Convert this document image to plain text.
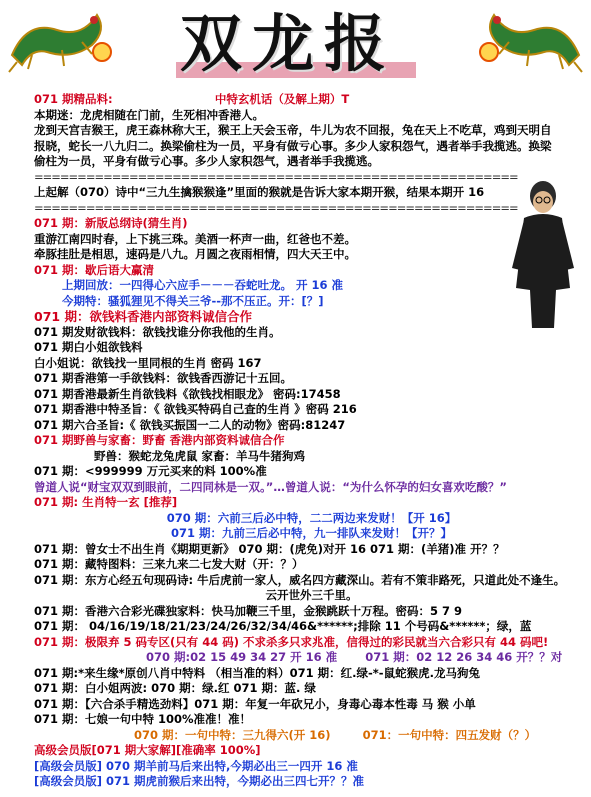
双龙报
071 期精品料:	中特玄机话（及解上期）T
本期迷：龙虎相随在门前，生死相冲香港人。
龙到天宫吉猴王，虎王森林称大王，猴王上天会玉帝，牛儿为农不回报，兔在天上不吃草，鸡到天明自
报晓，蛇长一八九归二。换梁偷柱为一员，平身有做亏心事。多少人家积怨气，遇者举手我揽逃。换梁
偷柱为一员，平身有做亏心事。多少人家积怨气，遇者举手我揽逃。
========================================================
上起解（070）诗中“三九生擒猴猴逢”里面的猴就是告诉大家本期开猴，结果本期开 16
========================================================
071 期：新版总纲诗(猜生肖)
重游江南四时春，上下挑三珠。美酒一杯声一曲，红爸也不差。
牵豚挂肚是相思，速码是八九。月圆之夜雨相情，四大天王中。
071 期：歇后语大赢清
上期回放：一四得心六应手－－－吞蛇吐龙。 开 16 准
今期特：骚狐狸见不得关三爷--那不压正。开：[？]
071 期：欲钱料香港内部资料诚信合作
071 期发财欲钱料：欲钱找谁分你我他的生肖。
071 期白小姐欲钱料
白小姐说：欲钱找一里同根的生肖 密码 167
071 期香港第一手欲钱料：欲钱香西游记十五回。
071 期香港最新生肖欲钱料《欲钱找相眼龙》 密码:17458
071 期香港中特圣旨：《 欲钱买特码自己查的生肖 》密码 216
071 期六合圣旨:《 欲钱买振国一二人的动物》密码:81247
071 期野兽与家畜：野畜 香港内部资料诚信合作
野兽：猴蛇龙兔虎鼠 家畜：羊马牛猪狗鸡
071 期：<999999 万元买来的料 100%准
曾道人说“财宝双双到眼前，二四同林是一双。”…曾道人说：“为什么怀孕的妇女喜欢吃酸？”
071 期: 生肖特一玄 [推荐]
070 期：六前三后必中特，二二两边来发财！【开 16】
071 期：九前三后必中特，九一排队来发财！【开？】
071 期：曾女士不出生肖《期期更新》 070 期：(虎免)对开 16 071 期：(羊猪)准 开？？
071 期：藏特图料：三来九来二七发大财（开：？）
071 期：东方心经五句现码诗: 牛后虎前一家人，威名四方藏深山。若有不策非路死，只道此处不逢生。
云开世外三千里。
071 期：香港六合彩光碟独家料：快马加鞭三千里，金猴跳跃十万程。密码：5 7 9
071 期： 04/16/19/18/21/23/24/26/32/34/46&******;排除 11 个号码&******；绿，蓝
071 期：极限弃 5 码专区(只有 44 码) 不求杀多只求兆准，信得过的彩民就当六合彩只有 44 码吧!
070 期:02 15 49 34 27 开 16 准 071 期：02 12 26 34 46 开？？对
071 期:*来生缘*原创八肖中特料 （相当准的料）071 期：红.绿-*-鼠蛇猴虎.龙马狗兔
071 期：白小姐两波: 070 期：绿.红 071 期：蓝. 绿
071 期：【六合杀手精选劲料】071 期：年复一年砍兄小，身毒心毒本性毒 马 猴 小单
071 期：七娘一句中特 100%准准！准！
070 期：一句中特：三九得六(开 16)	071：一句中特：四五发财（？）
高级会员版[071 期大家解][准确率 100%]
[高级会员版] 070 期羊前马后来出特,今期必出三一四开 16 准
[高级会员版] 071 期虎前猴后来出特，今期必出三四七开？？准
